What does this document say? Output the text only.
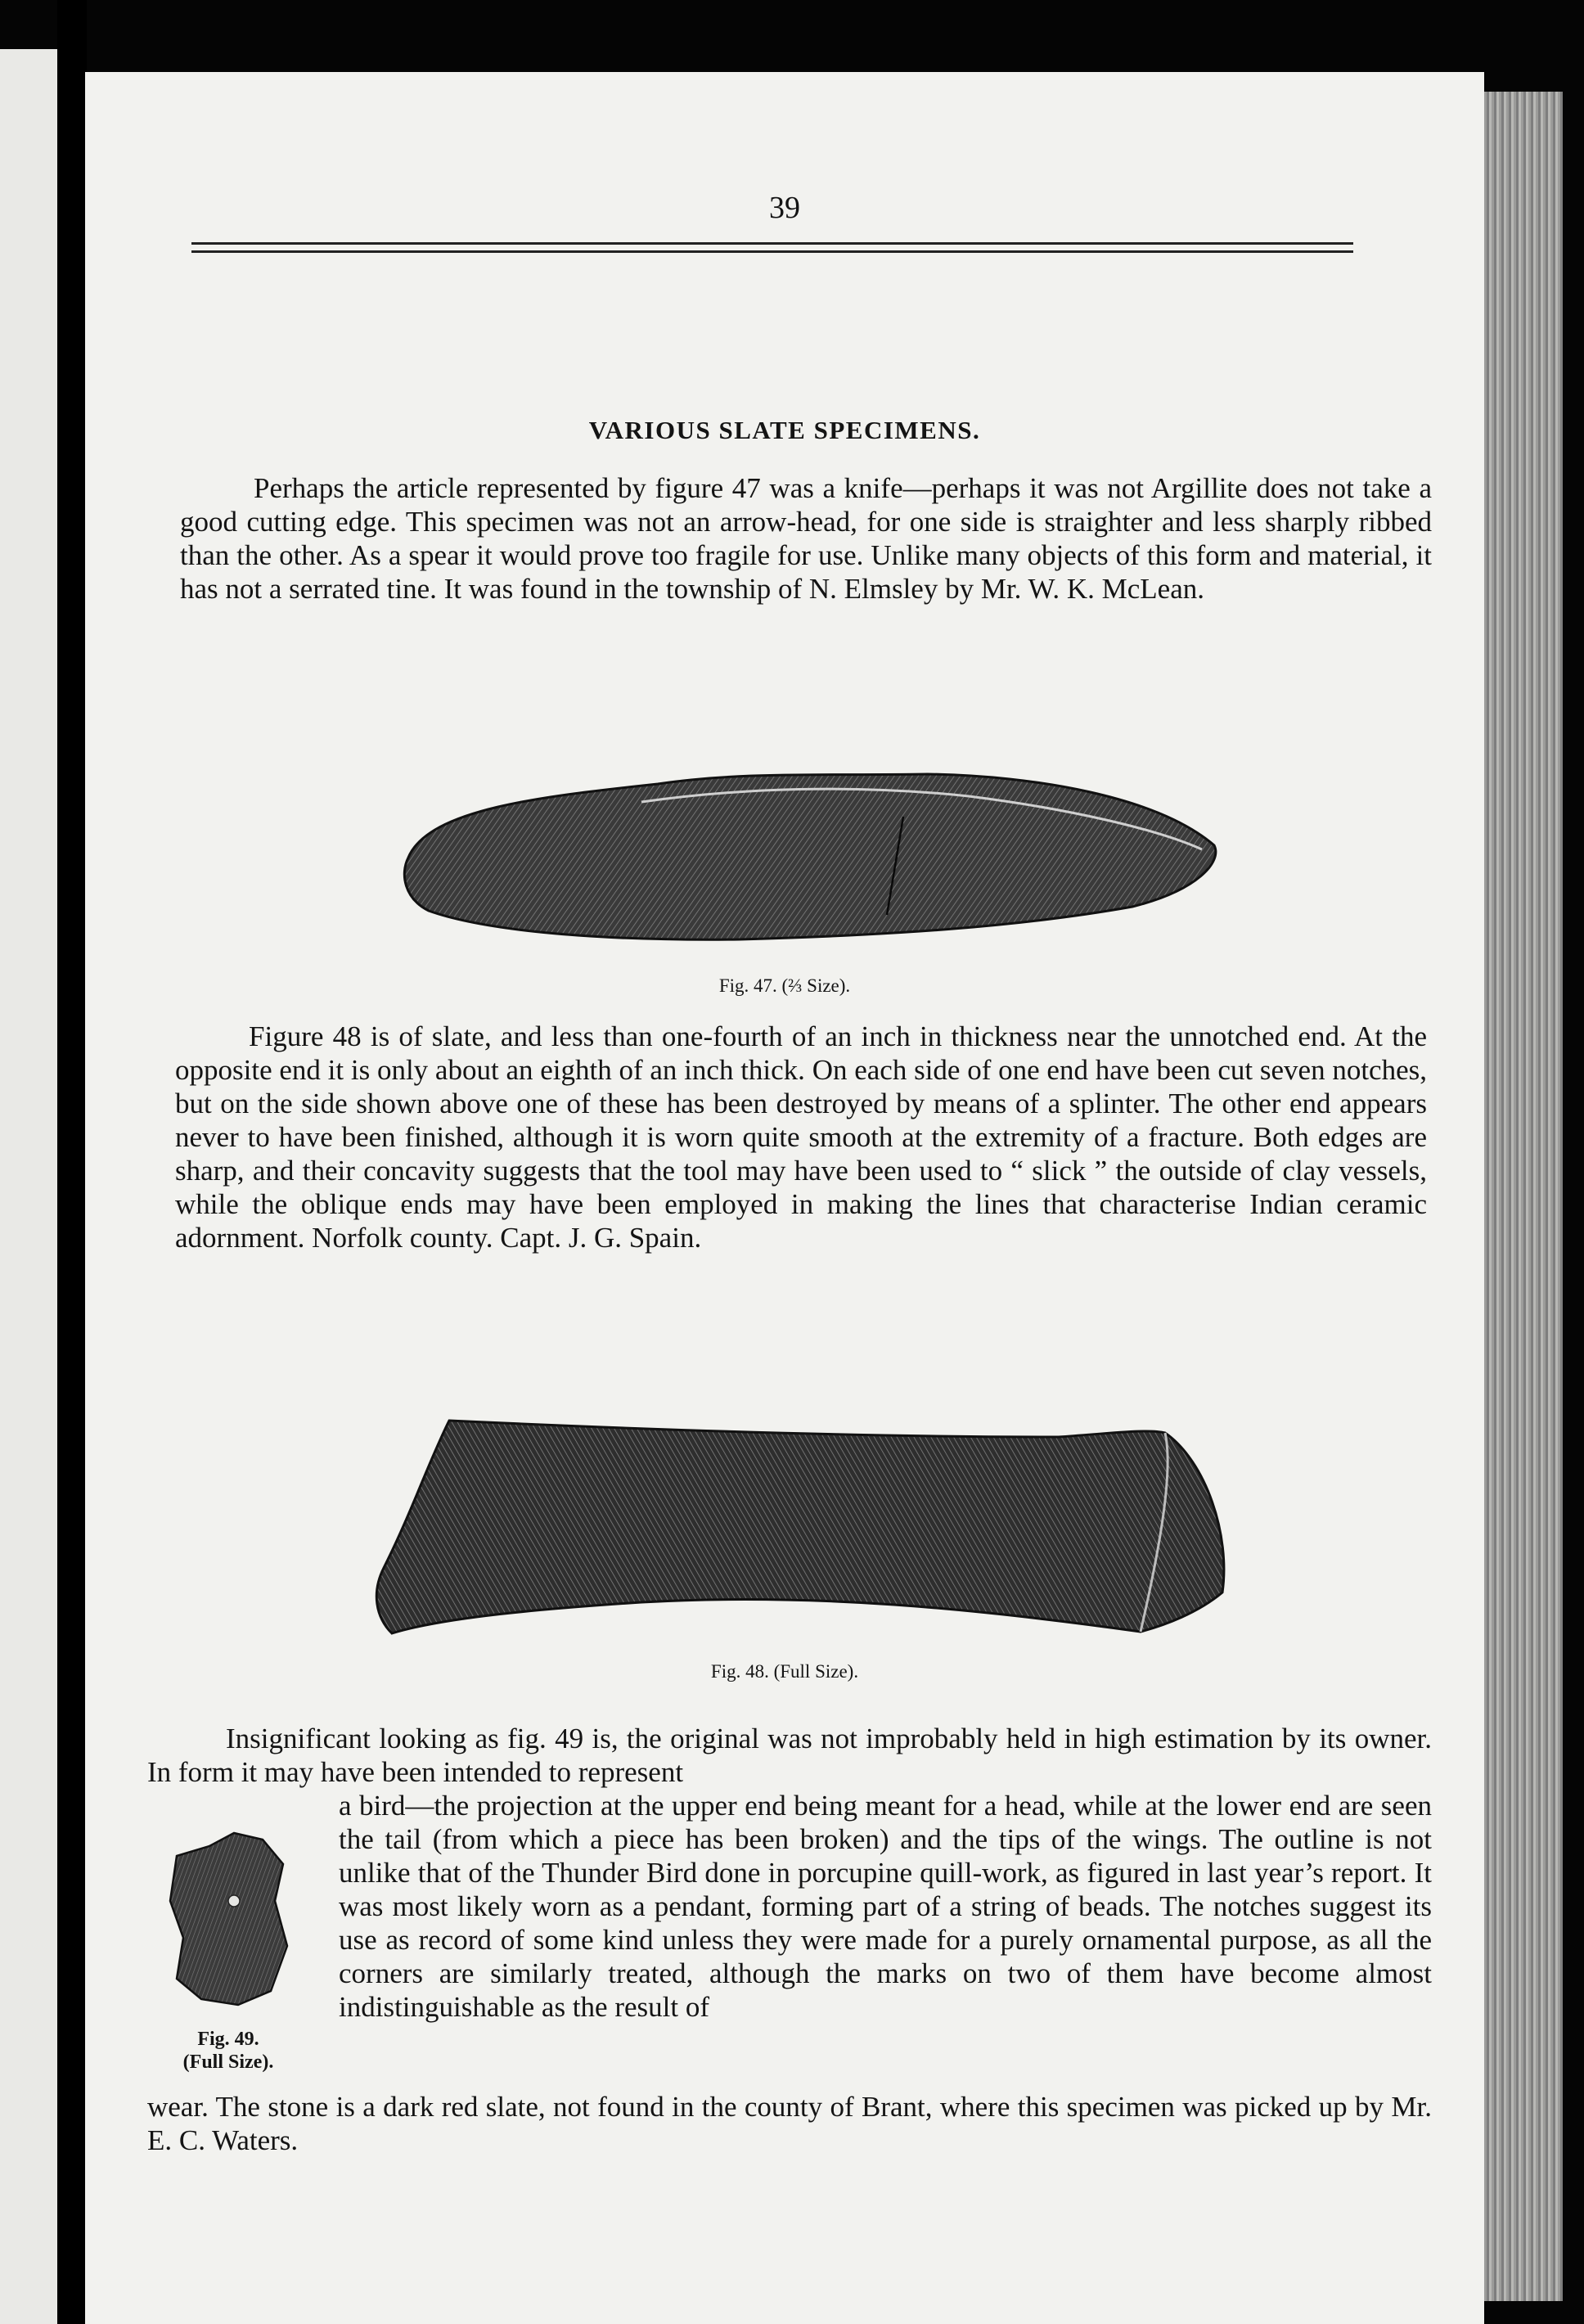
39
VARIOUS SLATE SPECIMENS.

Perhaps the article represented by figure 47 was a knife—perhaps it was not Argillite does not take a good cutting edge. This specimen was not an arrow-head, for one side is straighter and less sharply ribbed than the other. As a spear it would prove too fragile for use. Unlike many objects of this form and material, it has not a serrated tine. It was found in the township of N. Elmsley by Mr. W. K. McLean.

Fig. 47. (⅔ Size).

Figure 48 is of slate, and less than one-fourth of an inch in thickness near the unnotched end. At the opposite end it is only about an eighth of an inch thick. On each side of one end have been cut seven notches, but on the side shown above one of these has been destroyed by means of a splinter. The other end appears never to have been finished, although it is worn quite smooth at the extremity of a fracture. Both edges are sharp, and their concavity suggests that the tool may have been used to “ slick ” the outside of clay vessels, while the oblique ends may have been employed in making the lines that characterise Indian ceramic adornment. Norfolk county. Capt. J. G. Spain.

Fig. 48. (Full Size).

Insignificant looking as fig. 49 is, the original was not improbably held in high estimation by its owner. In form it may have been intended to represent

a bird—the projection at the upper end being meant for a head, while at the lower end are seen the tail (from which a piece has been broken) and the tips of the wings. The outline is not unlike that of the Thunder Bird done in porcupine quill-work, as figured in last year’s report. It was most likely worn as a pendant, forming part of a string of beads. The notches suggest its use as record of some kind unless they were made for a purely ornamental purpose, as all the corners are similarly treated, although the marks on two of them have become almost indistinguishable as the result of

Fig. 49.
(Full Size).

wear. The stone is a dark red slate, not found in the county of Brant, where this specimen was picked up by Mr. E. C. Waters.
